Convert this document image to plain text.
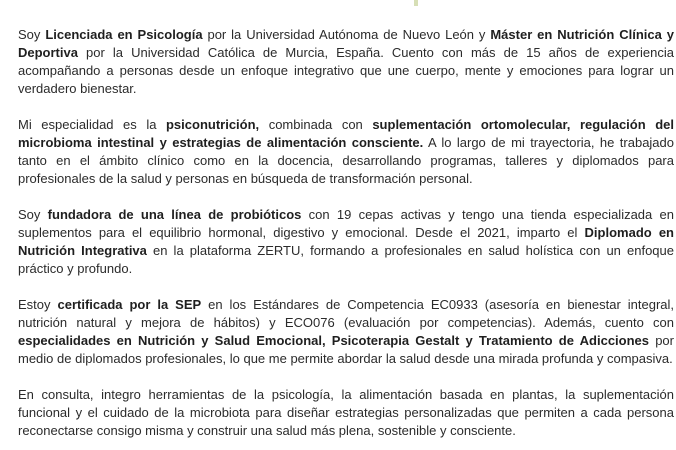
Soy Licenciada en Psicología por la Universidad Autónoma de Nuevo León y Máster en Nutrición Clínica y Deportiva por la Universidad Católica de Murcia, España. Cuento con más de 15 años de experiencia acompañando a personas desde un enfoque integrativo que une cuerpo, mente y emociones para lograr un verdadero bienestar.

Mi especialidad es la psiconutrición, combinada con suplementación ortomolecular, regulación del microbioma intestinal y estrategias de alimentación consciente. A lo largo de mi trayectoria, he trabajado tanto en el ámbito clínico como en la docencia, desarrollando programas, talleres y diplomados para profesionales de la salud y personas en búsqueda de transformación personal.

Soy fundadora de una línea de probióticos con 19 cepas activas y tengo una tienda especializada en suplementos para el equilibrio hormonal, digestivo y emocional. Desde el 2021, imparto el Diplomado en Nutrición Integrativa en la plataforma ZERTU, formando a profesionales en salud holística con un enfoque práctico y profundo.

Estoy certificada por la SEP en los Estándares de Competencia EC0933 (asesoría en bienestar integral, nutrición natural y mejora de hábitos) y ECO076 (evaluación por competencias). Además, cuento con especialidades en Nutrición y Salud Emocional, Psicoterapia Gestalt y Tratamiento de Adicciones por medio de diplomados profesionales, lo que me permite abordar la salud desde una mirada profunda y compasiva.

En consulta, integro herramientas de la psicología, la alimentación basada en plantas, la suplementación funcional y el cuidado de la microbiota para diseñar estrategias personalizadas que permiten a cada persona reconectarse consigo misma y construir una salud más plena, sostenible y consciente.
